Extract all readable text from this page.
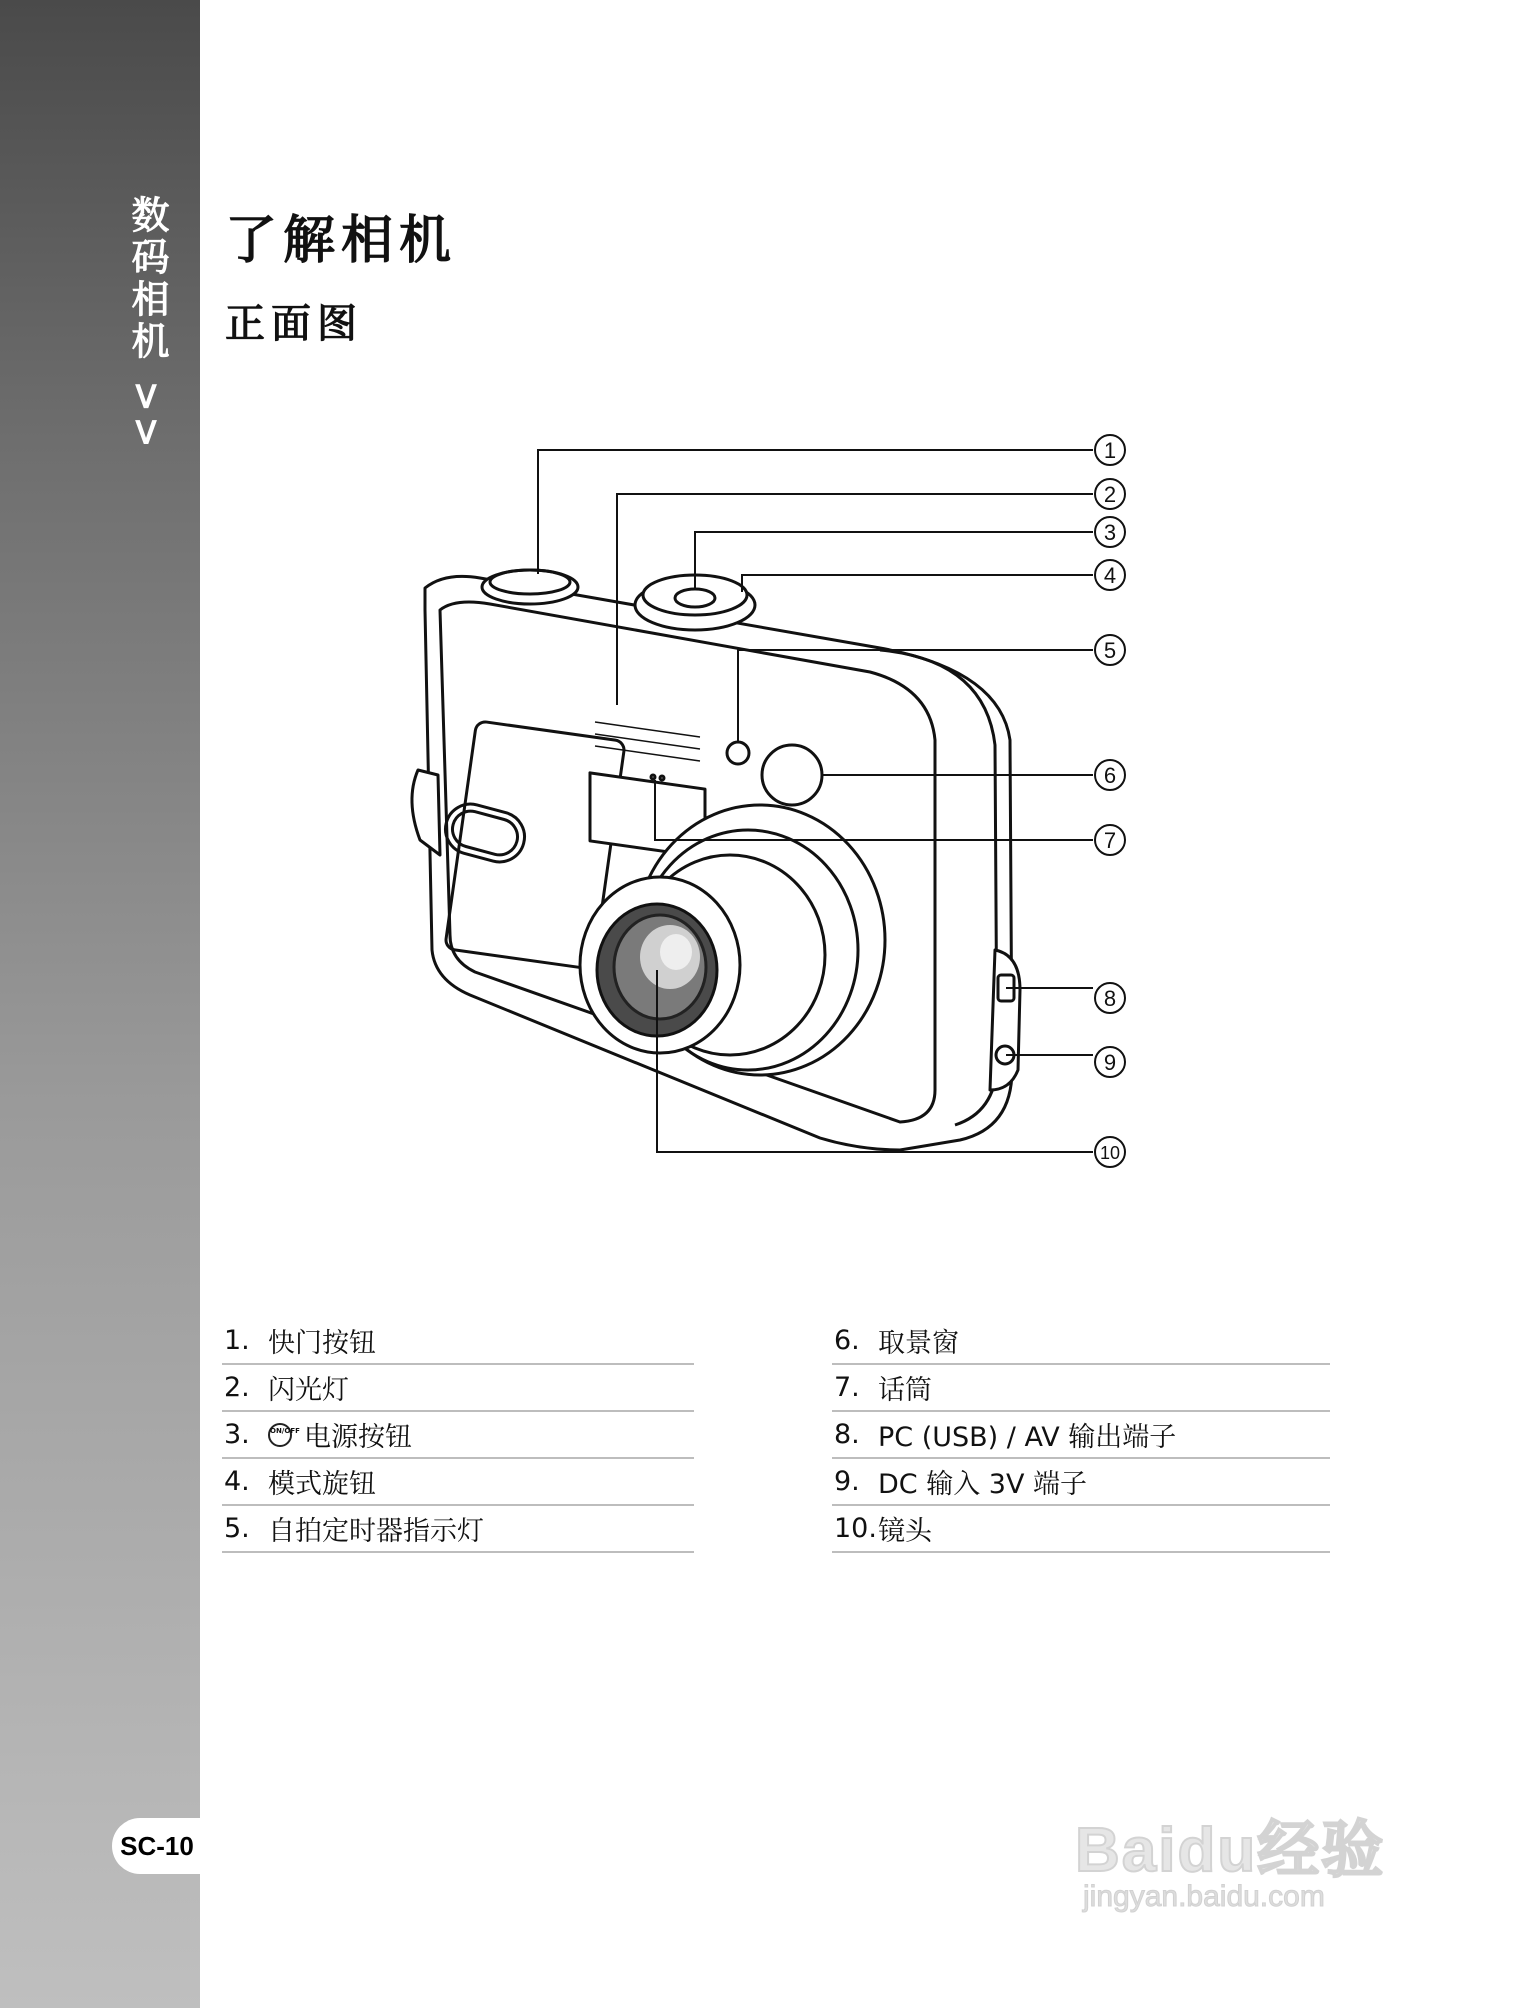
数码相机 >>
SC-10
了解相机
正面图
1
2
3
4
5
6
7
8
9
10
1. 快门按钮
2. 闪光灯
3.	ON/OFF 电源按钮
4. 模式旋钮
5. 自拍定时器指示灯
6. 取景窗
7. 话筒
8. PC (USB) / AV 输出端子
9. DC 输入 3V 端子
10. 镜头
Baidu经验
jingyan.baidu.com
